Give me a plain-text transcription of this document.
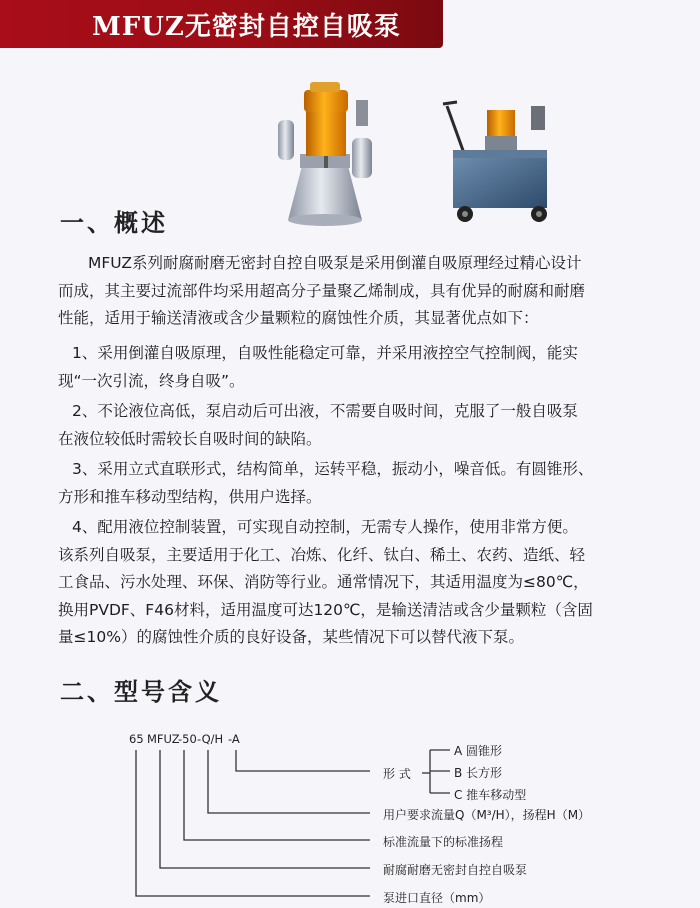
MFUZ无密封自控自吸泵
一、概述
MFUZ系列耐腐耐磨无密封自控自吸泵是采用倒灌自吸原理经过精心设计
而成，其主要过流部件均采用超高分子量聚乙烯制成，具有优异的耐腐和耐磨
性能，适用于输送清液或含少量颗粒的腐蚀性介质，其显著优点如下：
1、采用倒灌自吸原理，自吸性能稳定可靠，并采用液控空气控制阀，能实
现“一次引流，终身自吸”。
2、不论液位高低，泵启动后可出液，不需要自吸时间，克服了一般自吸泵
在液位较低时需较长自吸时间的缺陷。
3、采用立式直联形式，结构简单，运转平稳，振动小，噪音低。有圆锥形、
方形和推车移动型结构，供用户选择。
4、配用液位控制装置，可实现自动控制，无需专人操作，使用非常方便。
该系列自吸泵，主要适用于化工、冶炼、化纤、钛白、稀土、农药、造纸、轻
工食品、污水处理、环保、消防等行业。通常情况下，其适用温度为≤80℃，
换用PVDF、F46材料，适用温度可达120℃，是输送清洁或含少量颗粒（含固
量≤10%）的腐蚀性介质的良好设备，某些情况下可以替代液下泵。
二、型号含义
65 MFUZ
-50 -Q/H -A
形 式
A 圆锥形
B 长方形
C 推车移动型
用户要求流量Q（M³/H），扬程H（M）
标准流量下的标准扬程
耐腐耐磨无密封自控自吸泵
泵进口直径（mm）
